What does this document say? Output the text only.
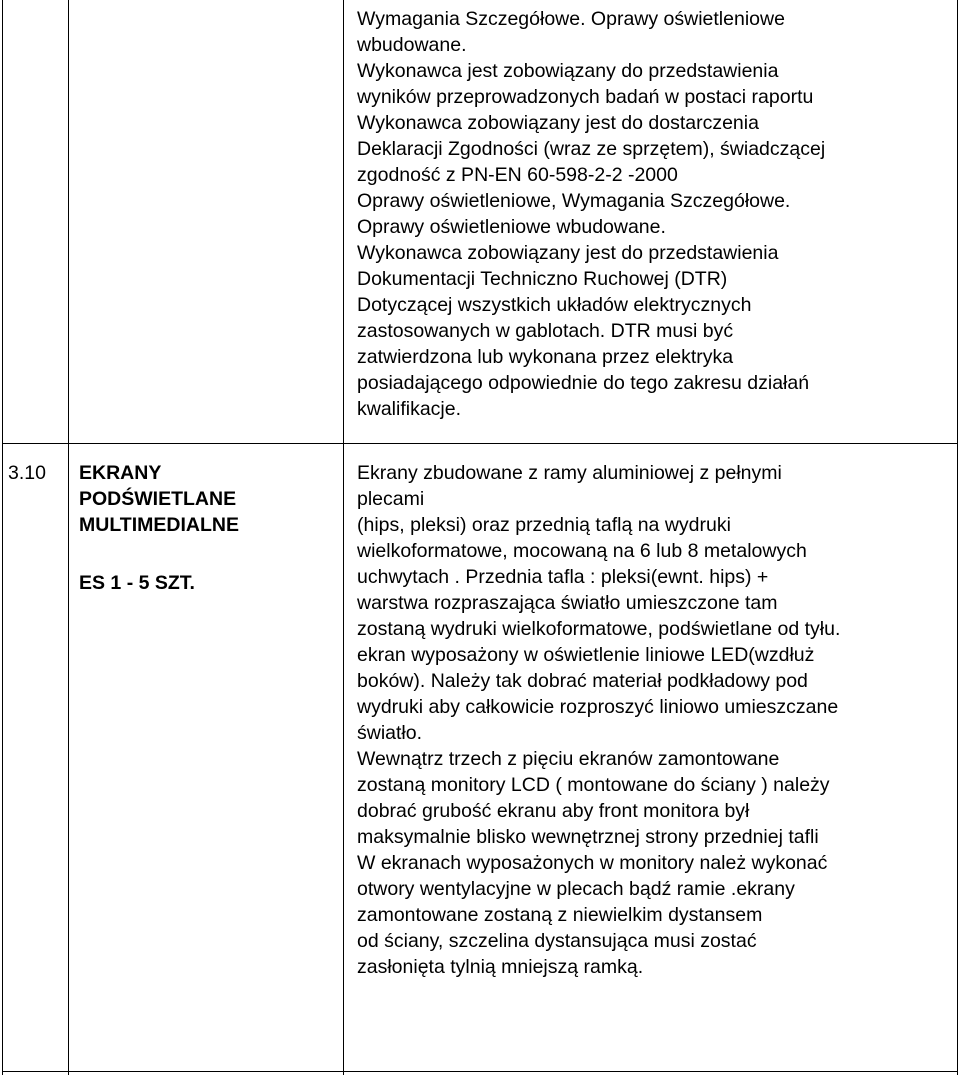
Wymagania Szczegółowe. Oprawy oświetleniowe
wbudowane.
Wykonawca jest zobowiązany do przedstawienia
wyników przeprowadzonych badań w postaci raportu
Wykonawca zobowiązany jest do dostarczenia
Deklaracji Zgodności (wraz ze sprzętem), świadczącej
zgodność z PN-EN 60-598-2-2 -2000
Oprawy oświetleniowe, Wymagania Szczegółowe.
Oprawy oświetleniowe wbudowane.
Wykonawca zobowiązany jest do przedstawienia
Dokumentacji Techniczno Ruchowej (DTR)
Dotyczącej wszystkich układów elektrycznych
zastosowanych w gablotach. DTR musi być
zatwierdzona lub wykonana przez elektryka
posiadającego odpowiednie do tego zakresu działań
kwalifikacje.
3.10 EKRANY
PODŚWIETLANE
MULTIMEDIALNE
ES 1 - 5 SZT.
Ekrany zbudowane z ramy aluminiowej z pełnymi
plecami
(hips, pleksi) oraz przednią taflą na wydruki
wielkoformatowe, mocowaną na 6 lub 8 metalowych
uchwytach . Przednia tafla : pleksi(ewnt. hips) +
warstwa rozpraszająca światło umieszczone tam
zostaną wydruki wielkoformatowe, podświetlane od tyłu.
ekran wyposażony w oświetlenie liniowe LED(wzdłuż
boków). Należy tak dobrać materiał podkładowy pod
wydruki aby całkowicie rozproszyć liniowo umieszczane
światło.
Wewnątrz trzech z pięciu ekranów zamontowane
zostaną monitory LCD ( montowane do ściany ) należy
dobrać grubość ekranu aby front monitora był
maksymalnie blisko wewnętrznej strony przedniej tafli
W ekranach wyposażonych w monitory należ wykonać
otwory wentylacyjne w plecach bądź ramie .ekrany
zamontowane zostaną z niewielkim dystansem
od ściany, szczelina dystansująca musi zostać
zasłonięta tylnią mniejszą ramką.
